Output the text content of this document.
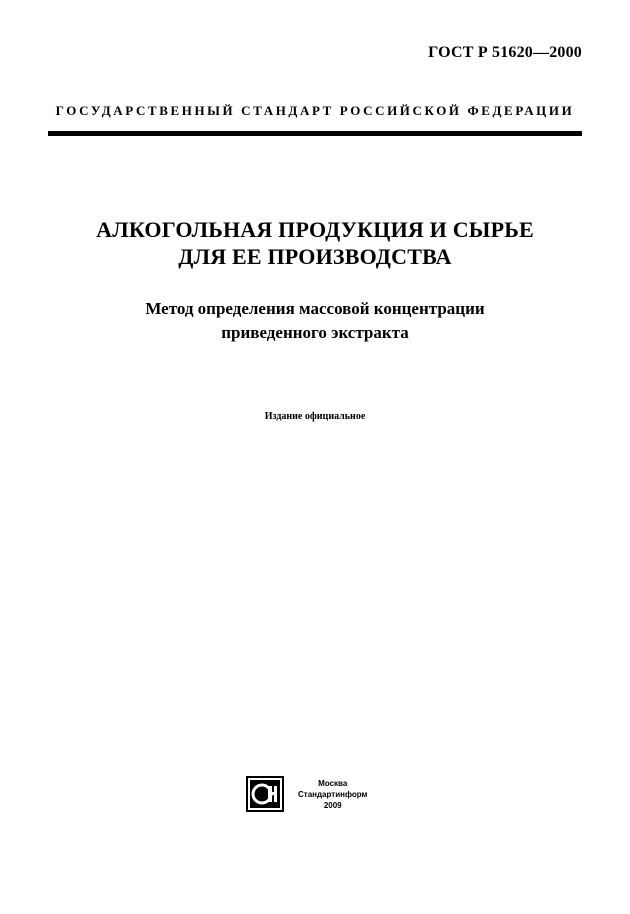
ГОСТ Р 51620—2000
ГОСУДАРСТВЕННЫЙ СТАНДАРТ РОССИЙСКОЙ ФЕДЕРАЦИИ
АЛКОГОЛЬНАЯ ПРОДУКЦИЯ И СЫРЬЕ
ДЛЯ ЕЕ ПРОИЗВОДСТВА
Метод определения массовой концентрации
приведенного экстракта
Издание официальное
Москва
Стандартинформ
2009
